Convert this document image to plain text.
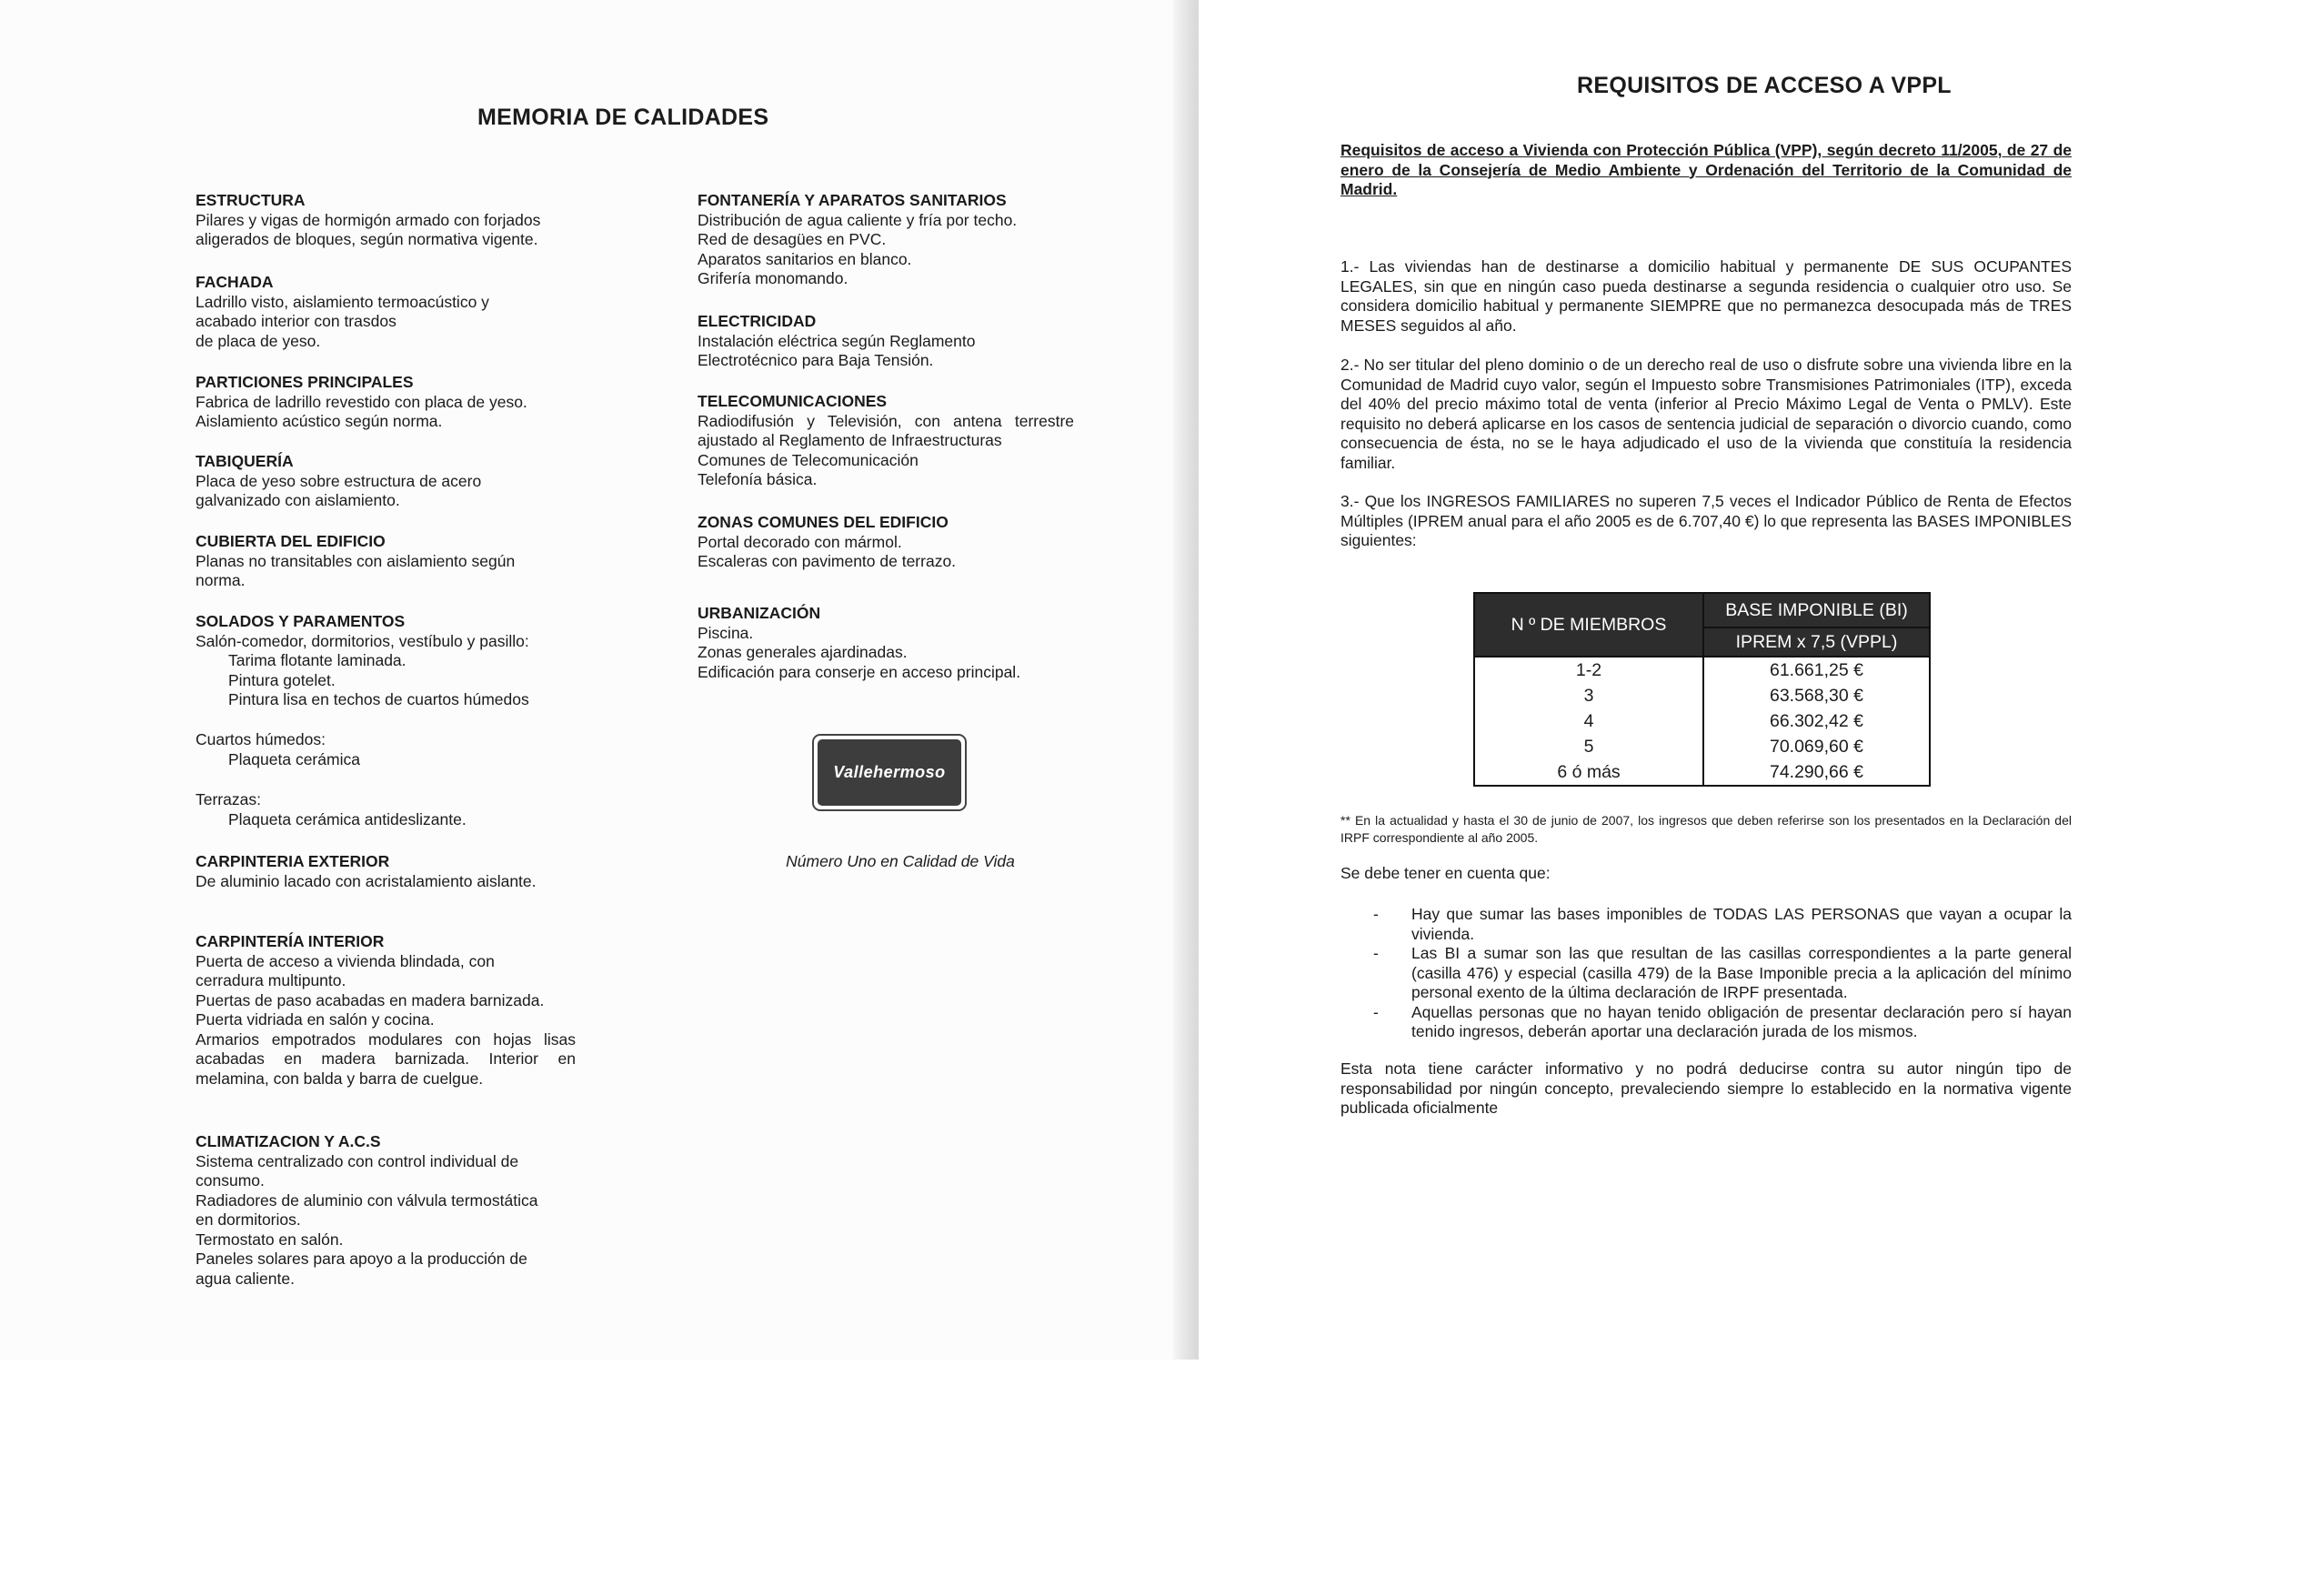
MEMORIA DE CALIDADES
ESTRUCTURA

Pilares y vigas de hormigón armado con forjados

aligerados de bloques, según normativa vigente.

FACHADA

Ladrillo visto, aislamiento termoacústico y

acabado interior con trasdos

de placa de yeso.

PARTICIONES PRINCIPALES

Fabrica de ladrillo revestido con placa de yeso.

Aislamiento acústico según norma.

TABIQUERÍA

Placa de yeso sobre estructura de acero

galvanizado con aislamiento.

CUBIERTA DEL EDIFICIO

Planas no transitables con aislamiento según

norma.

SOLADOS Y PARAMENTOS

Salón-comedor, dormitorios, vestíbulo y pasillo:

Tarima flotante laminada.

Pintura gotelet.

Pintura lisa en techos de cuartos húmedos

Cuartos húmedos:

Plaqueta cerámica

Terrazas:

Plaqueta cerámica antideslizante.

CARPINTERIA EXTERIOR

De aluminio lacado con acristalamiento aislante.

CARPINTERÍA INTERIOR

Puerta de acceso a vivienda blindada, con

cerradura multipunto.

Puertas de paso acabadas en madera barnizada.

Puerta vidriada en salón y cocina.

Armarios empotrados modulares con hojas lisas acabadas en madera barnizada. Interior en melamina, con balda y barra de cuelgue.

CLIMATIZACION Y A.C.S

Sistema centralizado con control individual de

consumo.

Radiadores de aluminio con válvula termostática

en dormitorios.

Termostato en salón.

Paneles solares para apoyo a la producción de

agua caliente.

FONTANERÍA Y APARATOS SANITARIOS

Distribución de agua caliente y fría por techo.

Red de desagües en PVC.

Aparatos sanitarios en blanco.

Grifería monomando.

ELECTRICIDAD

Instalación eléctrica según Reglamento

Electrotécnico para Baja Tensión.

TELECOMUNICACIONES

Radiodifusión y Televisión, con antena terrestre ajustado al Reglamento de Infraestructuras

Comunes de Telecomunicación

Telefonía básica.

ZONAS COMUNES DEL EDIFICIO

Portal decorado con mármol.

Escaleras con pavimento de terrazo.

URBANIZACIÓN

Piscina.

Zonas generales ajardinadas.

Edificación para conserje en acceso principal.

Vallehermoso
Número Uno en Calidad de Vida
REQUISITOS DE ACCESO A VPPL

Requisitos de acceso a Vivienda con Protección Pública (VPP), según decreto 11/2005, de 27 de enero de la Consejería de Medio Ambiente y Ordenación del Territorio de la Comunidad de Madrid.

1.- Las viviendas han de destinarse a domicilio habitual y permanente DE SUS OCUPANTES LEGALES, sin que en ningún caso pueda destinarse a segunda residencia o cualquier otro uso. Se considera domicilio habitual y permanente SIEMPRE que no permanezca desocupada más de TRES MESES seguidos al año.

2.- No ser titular del pleno dominio o de un derecho real de uso o disfrute sobre una vivienda libre en la Comunidad de Madrid cuyo valor, según el Impuesto sobre Transmisiones Patrimoniales (ITP), exceda del 40% del precio máximo total de venta (inferior al Precio Máximo Legal de Venta o PMLV). Este requisito no deberá aplicarse en los casos de sentencia judicial de separación o divorcio cuando, como consecuencia de ésta, no se le haya adjudicado el uso de la vivienda que constituía la residencia familiar.

3.- Que los INGRESOS FAMILIARES no superen 7,5 veces el Indicador Público de Renta de Efectos Múltiples (IPREM anual para el año 2005 es de 6.707,40 €) lo que representa las BASES IMPONIBLES siguientes:

N º DE MIEMBROS	BASE IMPONIBLE (BI)
	IPREM x 7,5 (VPPL)
1-2	61.661,25 €
3	63.568,30 €
4	66.302,42 €
5	70.069,60 €
6 ó más	74.290,66 €
** En la actualidad y hasta el 30 de junio de 2007, los ingresos que deben referirse son los presentados en la Declaración del IRPF correspondiente al año 2005.

Se debe tener en cuenta que:

-	Hay que sumar las bases imponibles de TODAS LAS PERSONAS que vayan a ocupar la vivienda.
-	Las BI a sumar son las que resultan de las casillas correspondientes a la parte general (casilla 476) y especial (casilla 479) de la Base Imponible precia a la aplicación del mínimo personal exento de la última declaración de IRPF presentada.
-	Aquellas personas que no hayan tenido obligación de presentar declaración pero sí hayan tenido ingresos, deberán aportar una declaración jurada de los mismos.

Esta nota tiene carácter informativo y no podrá deducirse contra su autor ningún tipo de responsabilidad por ningún concepto, prevaleciendo siempre lo establecido en la normativa vigente publicada oficialmente
